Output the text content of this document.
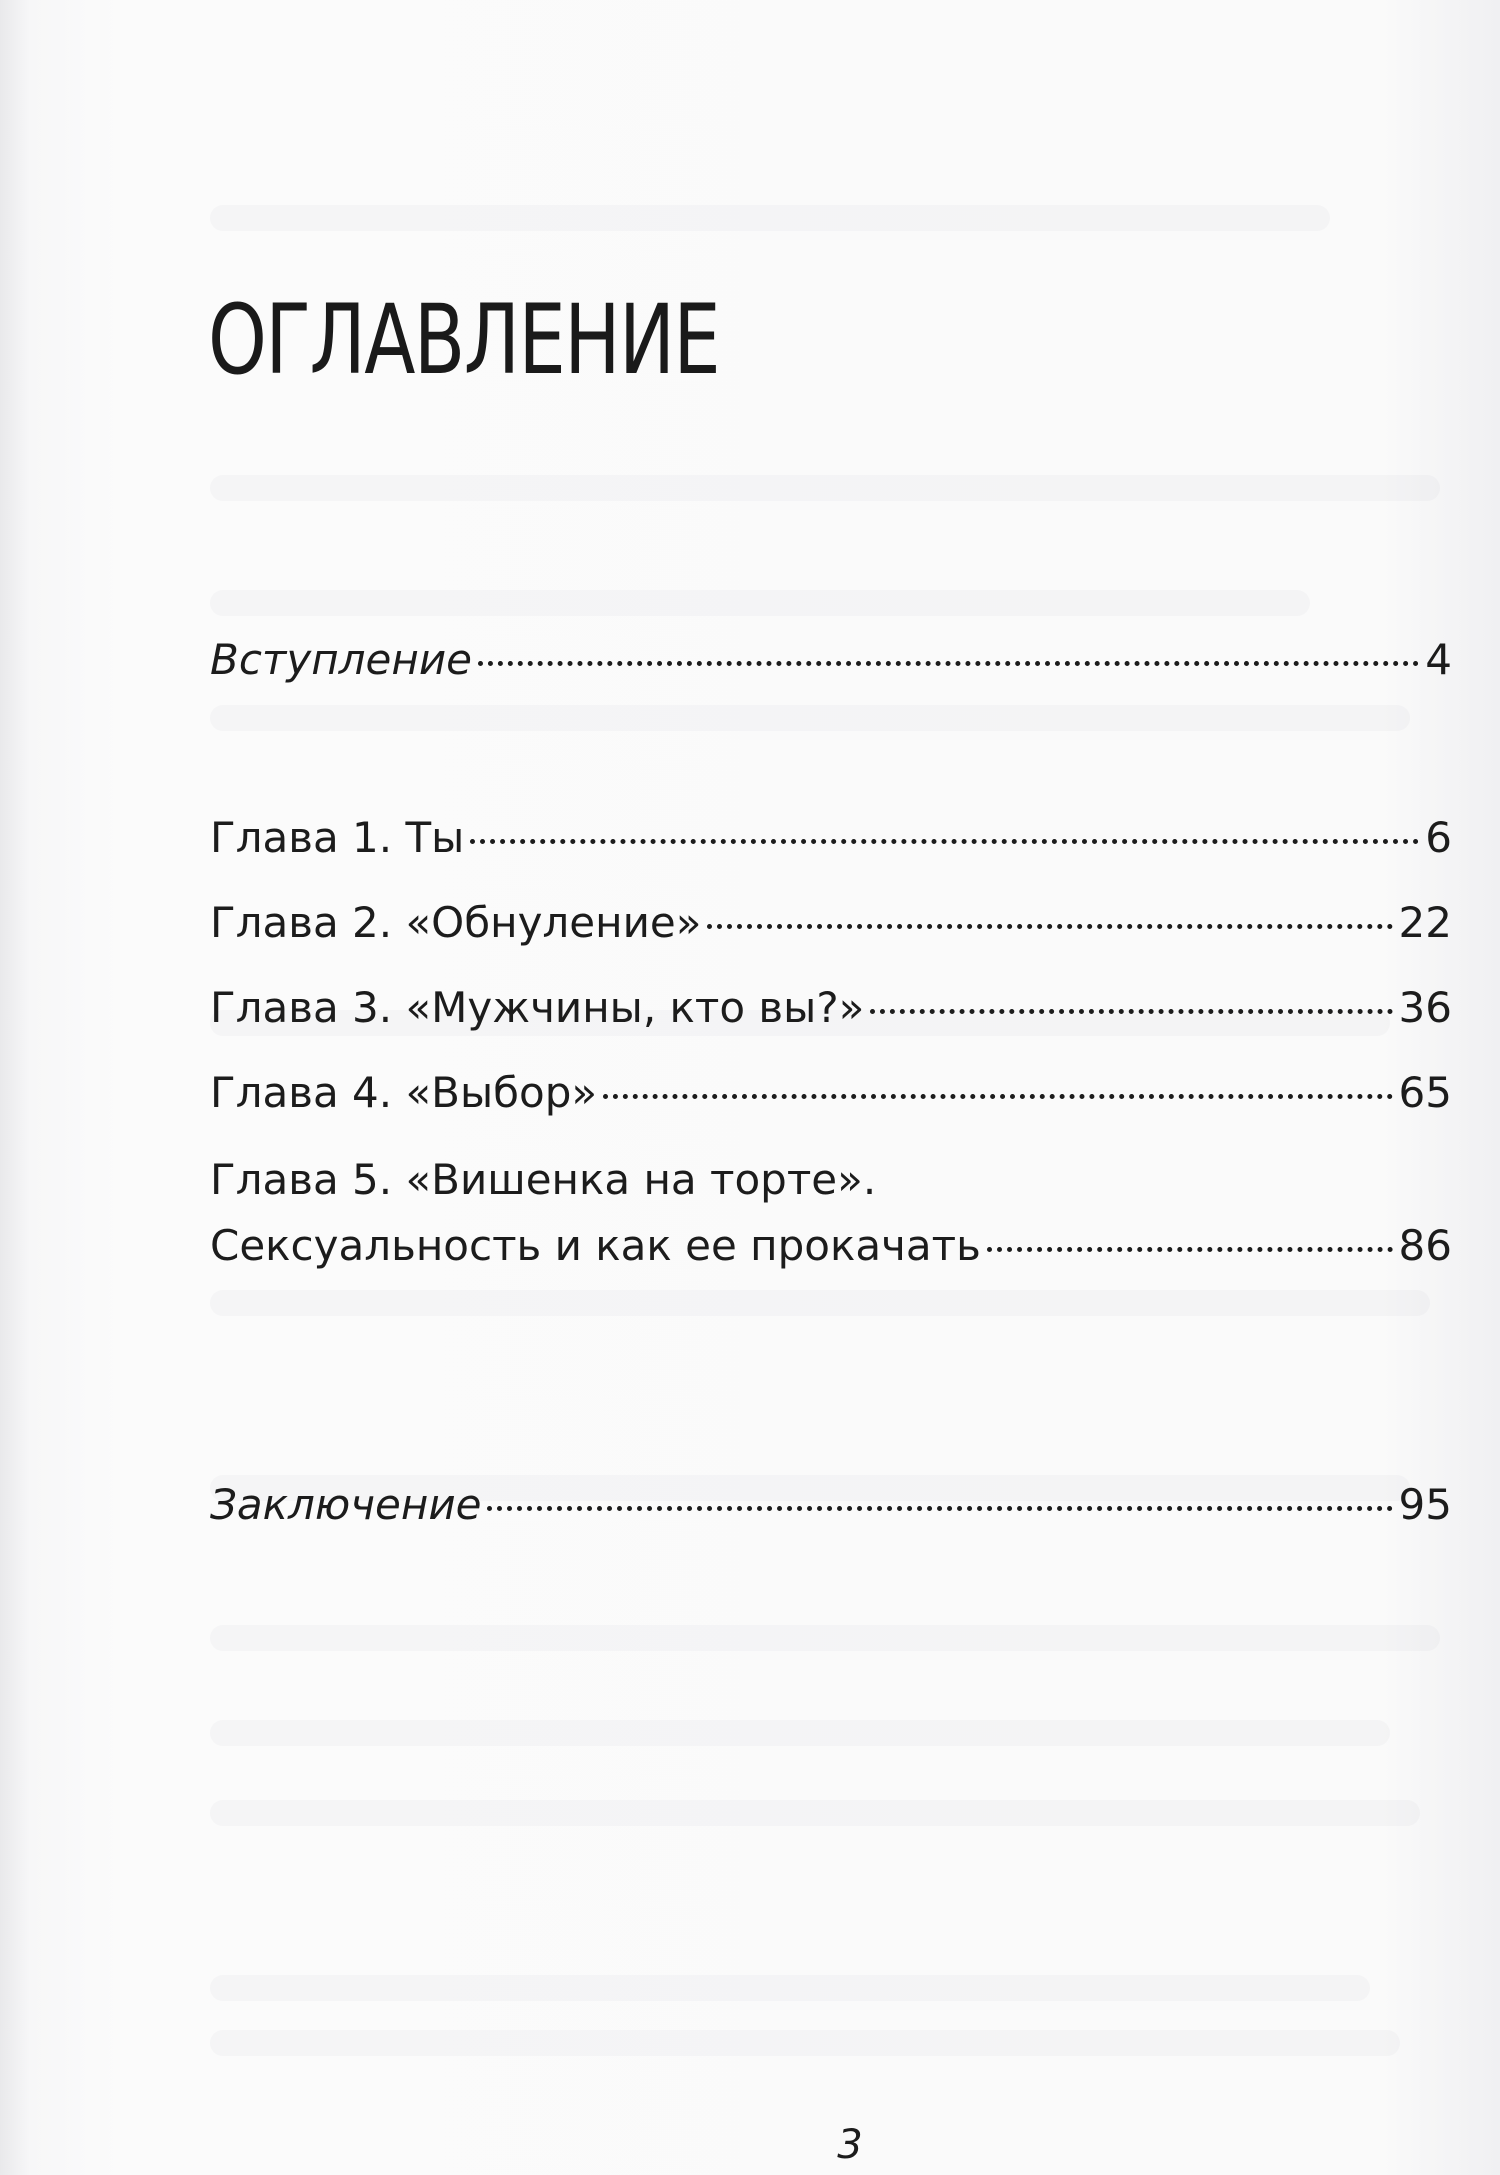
ОГЛАВЛЕНИЕ
Вступление	4
Глава 1. Ты	6
Глава 2. «Обнуление»	22
Глава 3. «Мужчины, кто вы?»	36
Глава 4. «Выбор»	65
Глава 5. «Вишенка на торте».
Сексуальность и как ее прокачать	86
Заключение	95
3
